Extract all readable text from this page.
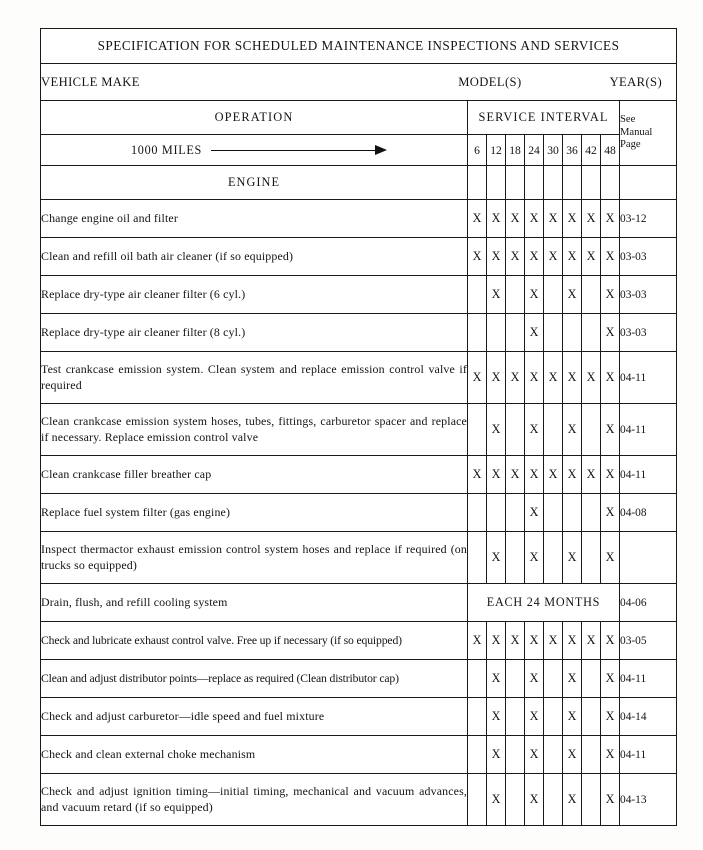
SPECIFICATION FOR SCHEDULED MAINTENANCE INSPECTIONS AND SERVICES									

VEHICLE MAKE MODEL(S) YEAR(S)									

OPERATION	SERVICE INTERVAL								See
Manual
Page

1000 MILES	6	12	18	24	30	36	42	48	
ENGINE									
Change engine oil and filter	X	X	X	X	X	X	X	X	03-12
Clean and refill oil bath air cleaner (if so equipped)	X	X	X	X	X	X	X	X	03-03
Replace dry-type air cleaner filter (6 cyl.)		X		X		X		X	03-03
Replace dry-type air cleaner filter (8 cyl.)				X				X	03-03
Test crankcase emission system. Clean system and replace emission control valve if required	X	X	X	X	X	X	X	X	04-11
Clean crankcase emission system hoses, tubes, fittings, carburetor spacer and replace if necessary. Replace emission control valve		X		X		X		X	04-11
Clean crankcase filler breather cap	X	X	X	X	X	X	X	X	04-11
Replace fuel system filter (gas engine)				X				X	04-08
Inspect thermactor exhaust emission control system hoses and replace if required (on trucks so equipped)		X		X		X		X	
Drain, flush, and refill cooling system	EACH 24 MONTHS								04-06
Check and lubricate exhaust control valve. Free up if necessary (if so equipped)	X	X	X	X	X	X	X	X	03-05
Clean and adjust distributor points—replace as required (Clean distributor cap)		X		X		X		X	04-11
Check and adjust carburetor—idle speed and fuel mixture		X		X		X		X	04-14
Check and clean external choke mechanism		X		X		X		X	04-11
Check and adjust ignition timing—initial timing, mechanical and vacuum advances, and vacuum retard (if so equipped)		X		X		X		X	04-13
